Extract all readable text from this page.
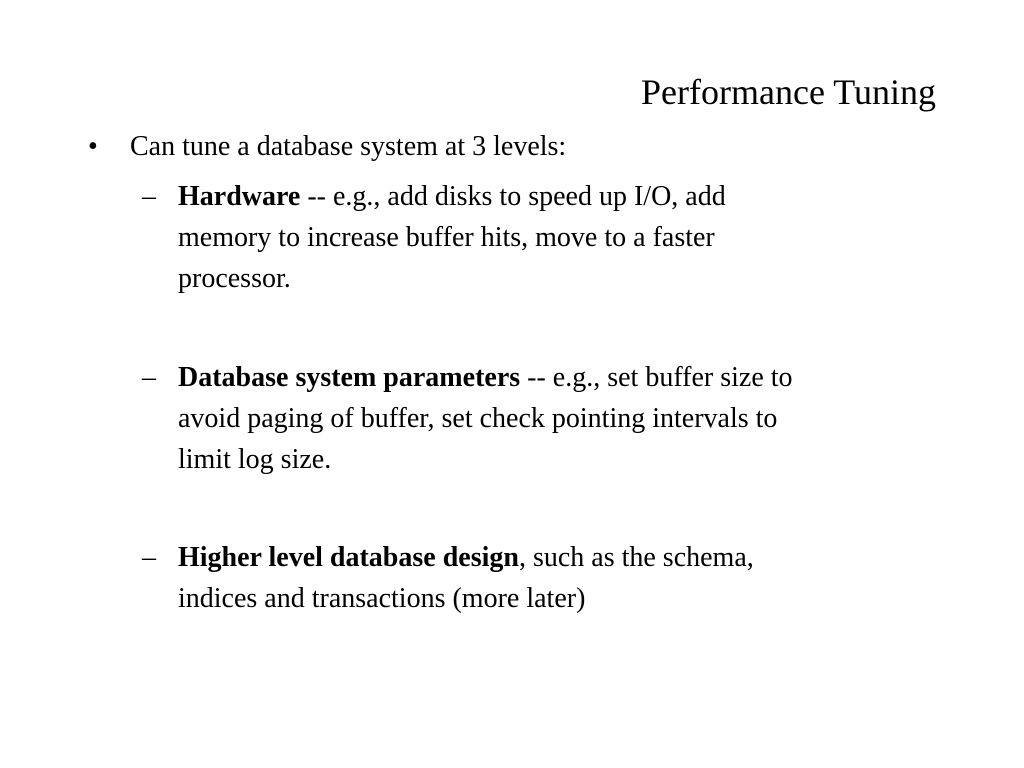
Performance Tuning
• Can tune a database system at 3 levels:
– Hardware -- e.g., add disks to speed up I/O, add
memory to increase buffer hits, move to a faster
processor.
– Database system parameters -- e.g., set buffer size to
avoid paging of buffer, set check pointing intervals to
limit log size.
– Higher level database design, such as the schema,
indices and transactions (more later)
